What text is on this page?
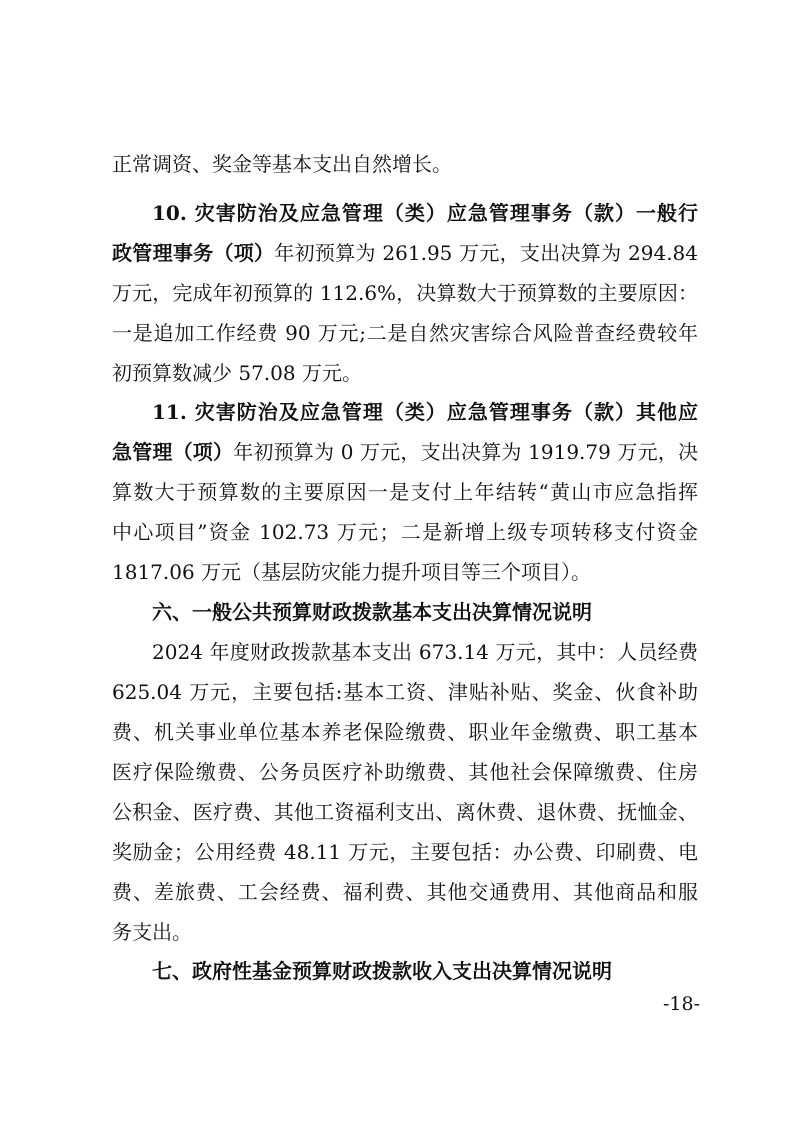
正常调资、奖金等基本支出自然增长。
10. 灾害防治及应急管理（类）应急管理事务（款）一般行
政管理事务（项）年初预算为 261.95 万元，支出决算为 294.84
万元，完成年初预算的 112.6%，决算数大于预算数的主要原因：
一是追加工作经费 90 万元;二是自然灾害综合风险普查经费较年
初预算数减少 57.08 万元。
11. 灾害防治及应急管理（类）应急管理事务（款）其他应
急管理（项）年初预算为 0 万元，支出决算为 1919.79 万元，决
算数大于预算数的主要原因一是支付上年结转“黄山市应急指挥
中心项目”资金 102.73 万元；二是新增上级专项转移支付资金
1817.06 万元（基层防灾能力提升项目等三个项目）。
六、一般公共预算财政拨款基本支出决算情况说明
2024 年度财政拨款基本支出 673.14 万元，其中：人员经费
625.04 万元，主要包括:基本工资、津贴补贴、奖金、伙食补助
费、机关事业单位基本养老保险缴费、职业年金缴费、职工基本
医疗保险缴费、公务员医疗补助缴费、其他社会保障缴费、住房
公积金、医疗费、其他工资福利支出、离休费、退休费、抚恤金、
奖励金；公用经费 48.11 万元，主要包括：办公费、印刷费、电
费、差旅费、工会经费、福利费、其他交通费用、其他商品和服
务支出。
七、政府性基金预算财政拨款收入支出决算情况说明
-18-
